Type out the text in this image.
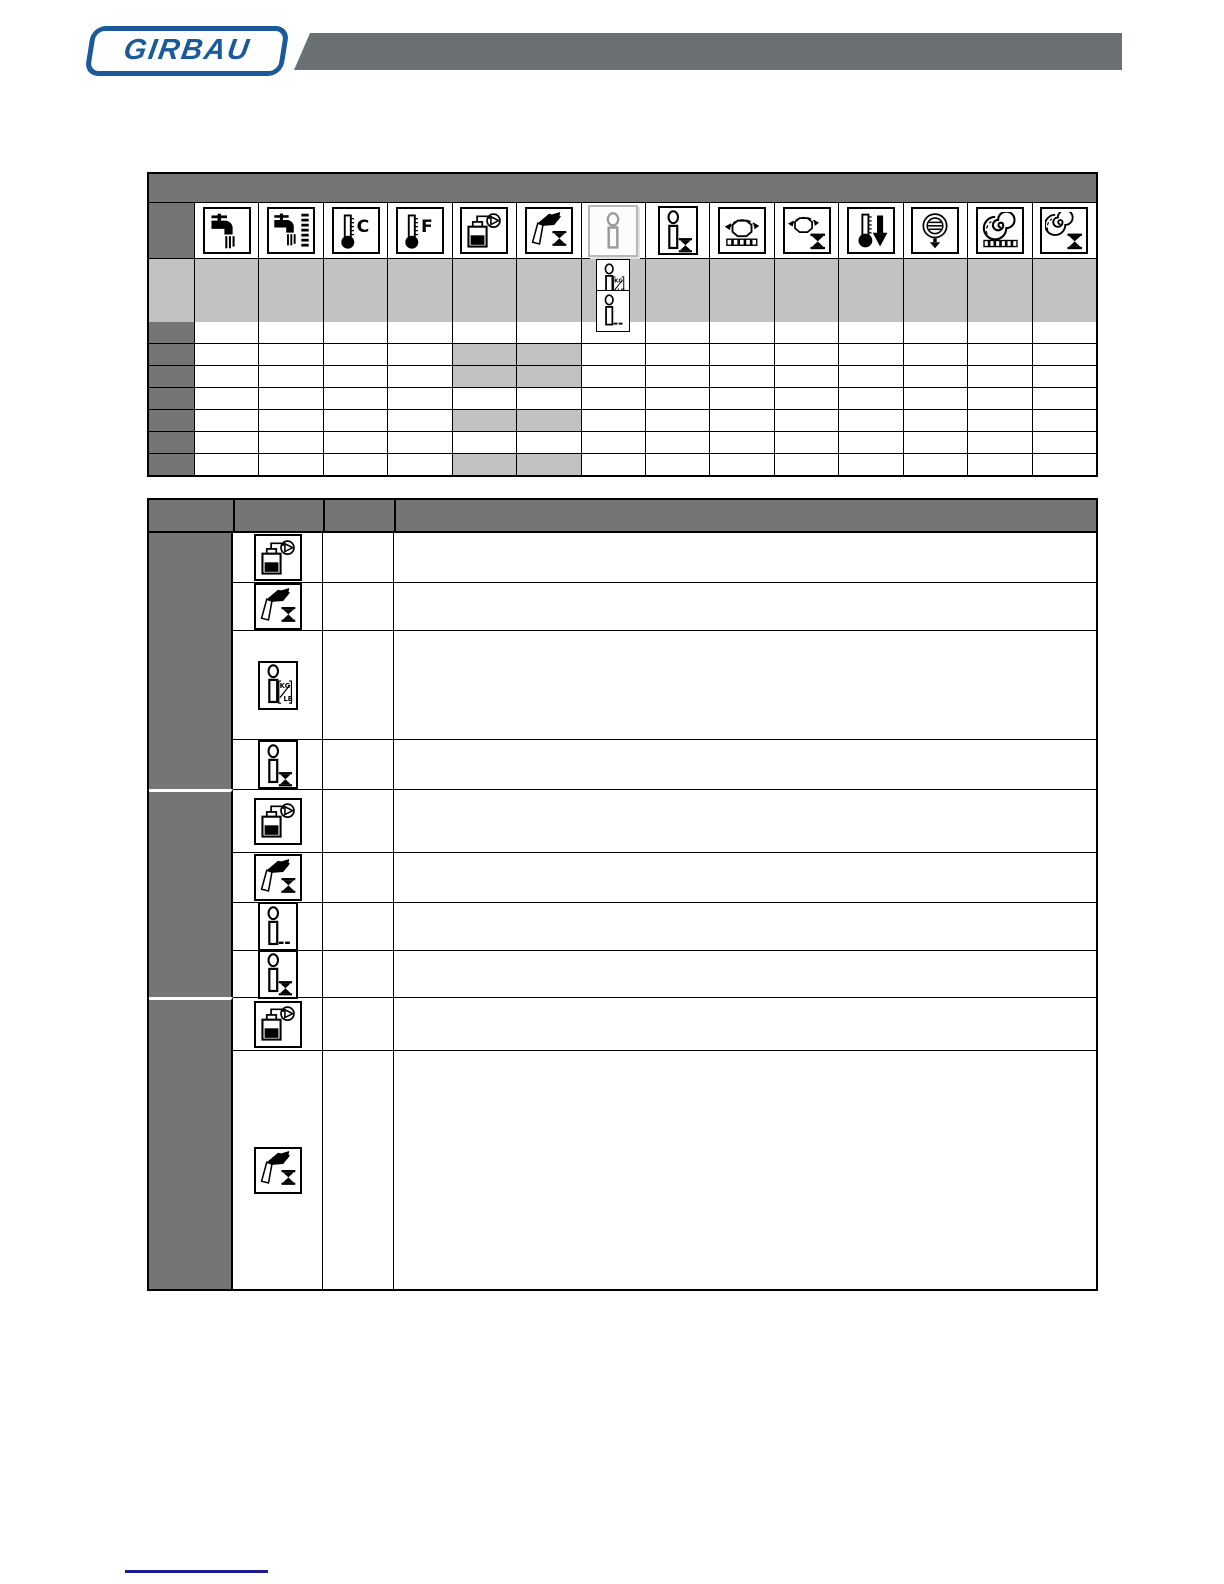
GIRBAU
C	F
KG
KG
LB
